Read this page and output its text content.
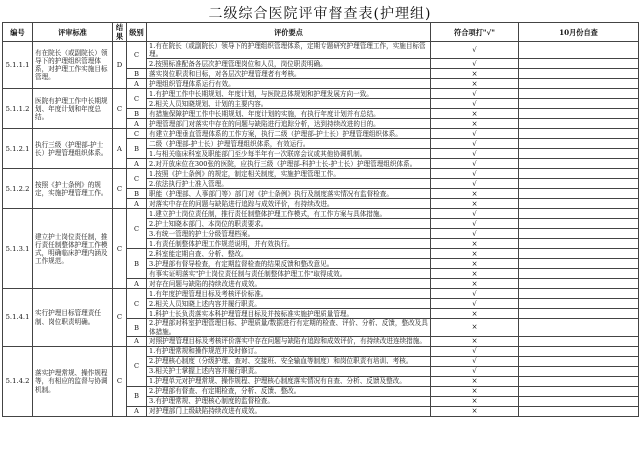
二级综合医院评审督查表(护理组)
编号	评审标准	结果	级别	评价要点	符合项打"√"	10月份自查
5.1.1.1	有在院长（或副院长）领导下的护理组织管理体系，对护理工作实施目标管理。	D	C	1.有在院长（或副院长）领导下的护理组织管理体系，定期专题研究护理管理工作，实施目标管理。	√	
				2.按照标准配备各层次护理管理岗位和人员，岗位职责明确。	√	
			B	落实岗位职责和目标，对各层次护理管理者有考核。	×	
			A	护理组织管理体系运行有效。	×	
5.1.1.2	医院有护理工作中长期规划、年度计划和年度总结。	C	C	1.有护理工作中长期规划、年度计划，与医院总体规划和护理发展方向一致。	√	
				2.相关人员知晓规划、计划的主要内容。	√	
			B	有措施保障护理工作中长期规划、年度计划的实施，有执行年度计划并有总结。	×	
			A	护理管理部门对落实中存在的问题与缺陷进行追踪分析，达到持续改进的目的。	×	
5.1.2.1	执行三级（护理部-护士长）护理管理组织体系。	A	C	有建立护理垂直管理体系的工作方案，执行二级（护理部-护士长）护理管理组织体系。	√	
			B	二级（护理部-护士长）护理管理组织体系，有效运行。	√	
				1.与相关临床科室及职能部门至少每半年有一次联席会议或其他协调机制。	√	
			A	2.对开放床位在300张的医院，应执行三级（护理部-科护士长-护士长）护理管理组织体系。	√	
5.1.2.2	按照《护士条例》的规定，实施护理管理工作。	C	C	1.按照《护士条例》的规定，制定相关制度，实施护理管理工作。	√	
				2.依法执行护士准入管理。	√	
			B	职能（护理部、人事部门等）部门对《护士条例》执行及制度落实情况有监督检查。	×	
			A	对落实中存在的问题与缺陷进行追踪与成效评价，有持续改进。	×	
5.1.3.1	建立护士岗位责任制，推行责任制整体护理工作模式，明确临床护理内涵及工作规范。	C	C	1.建立护士岗位责任制，推行责任制整体护理工作模式，有工作方案与具体措施。	√	
				2.护士知晓本部门、本岗位的职责要求。	√	
				3.有统一管理的护士分级管理档案。	√	
				1.有责任制整体护理工作规范说明，并有效执行。	×	
			B	2.科室能定期自查、分析、整改。	×	
				3.护理部有督导检查，有定期监督检查的结果反馈和整改意见。	×	
				有事实证明落实"护士岗位责任制与责任制整体护理工作"取得成效。	×	
			A	对存在问题与缺陷的持续改进有成效。	×	
5.1.4.1	实行护理目标管理责任制、岗位职责明确。	C	C	1.有年度护理管理目标及考核评价标准。	√	
				2.相关人员知晓上述内容并履行职责。	√	
				1.科护士长负责落实本科护理管理目标及并按标准实施护理质量管理。	×	
			B	2.护理部对科室护理管理目标、护理质量/数据进行有定期的检查、评价、分析、反馈，整改及具体措施。	×	
			A	对照护理管理目标及考核评价落实中存在问题与缺陷有追踪和成效评价，有持续改进连续措施。	×	
5.1.4.2	落实护理常规、操作规程等，有相应的监督与协调机制。	C	C	1.有护理常规和操作规范并及时修订。	√	
				2.护理核心制度（分级护理、查对、交接班、安全输血等制度）和岗位职责有培训、考核。	√	
				3.相关护士掌握上述内容并履行职责。	√	
				1.护理单元对护理常规、操作规程、护理核心制度落实情况有自查、分析、反馈及整改。	×	
			B	2.护理部有督查、有定期检查，分析、反馈、整改。	×	
				3.有护理常规、护理核心制度的监督检查。	×	
			A	对护理部门上级缺陷持续改进有成效。	×	
